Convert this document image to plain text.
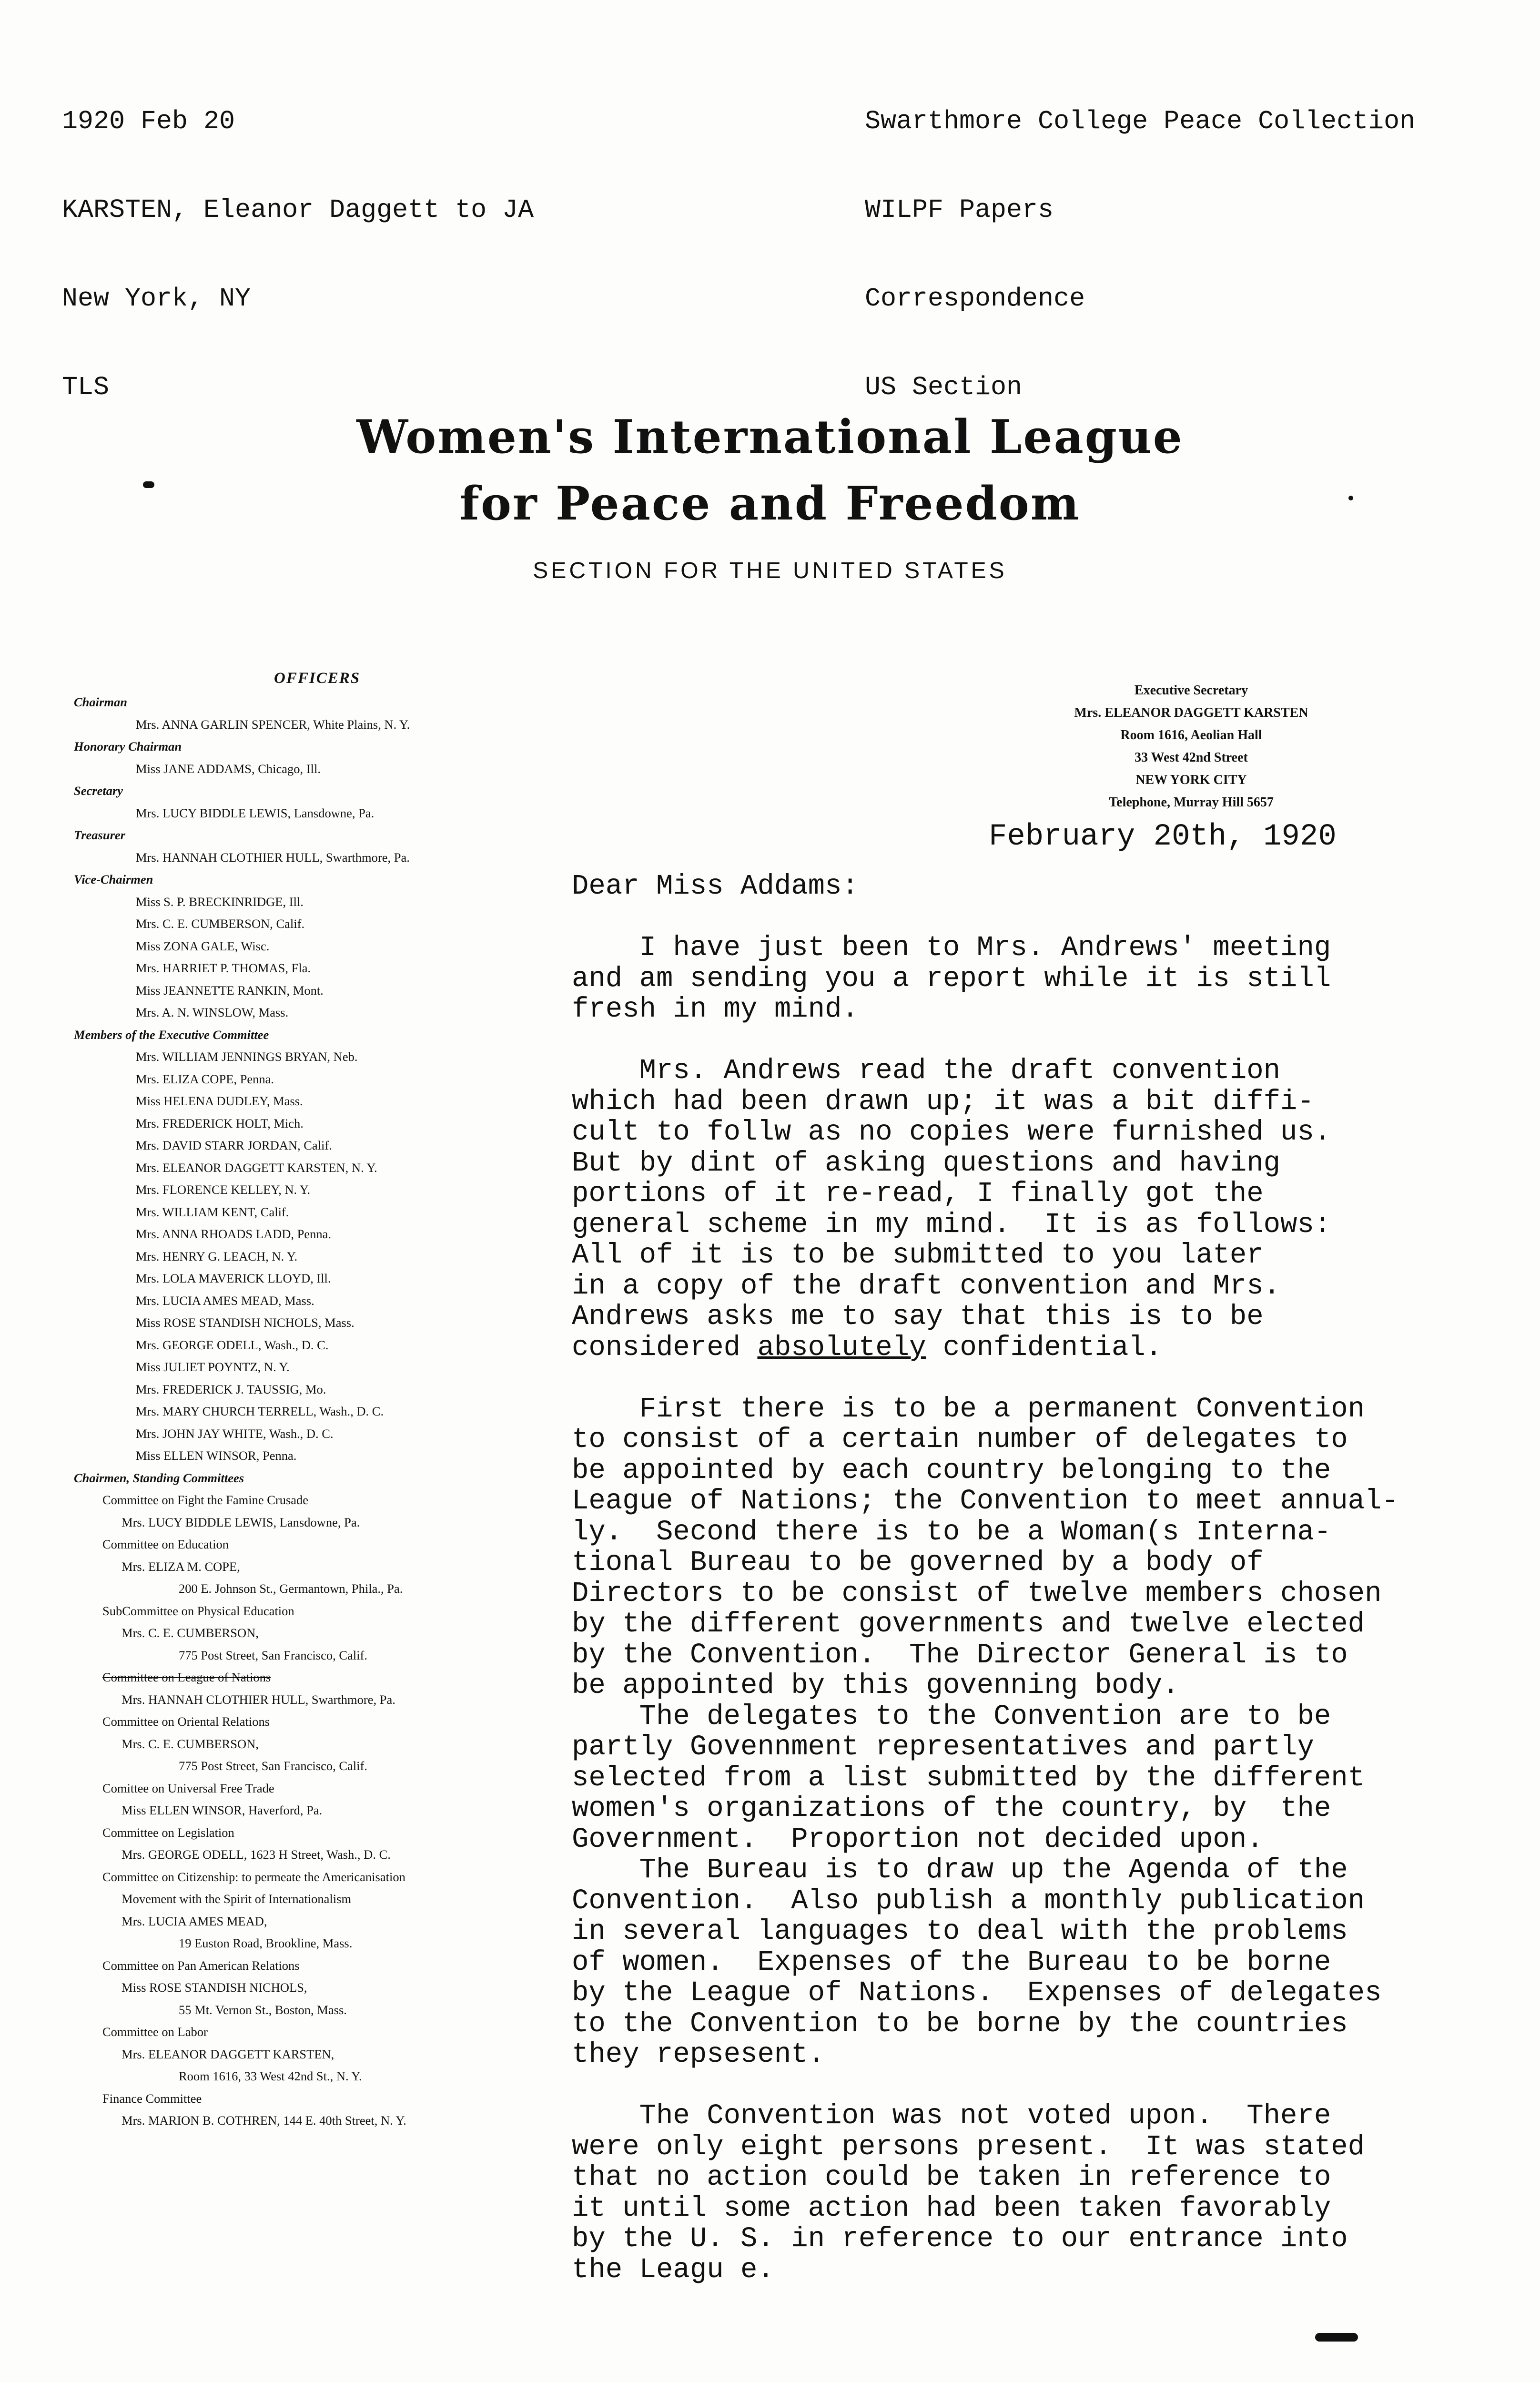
1920 Feb 20

KARSTEN, Eleanor Daggett to JA

New York, NY

TLS

Swarthmore College Peace Collection

WILPF Papers

Correspondence

US Section

Women's International League
for Peace and Freedom
SECTION FOR THE UNITED STATES
OFFICERS
Chairman
Mrs. ANNA GARLIN SPENCER, White Plains, N. Y.
Honorary Chairman
Miss JANE ADDAMS, Chicago, Ill.
Secretary
Mrs. LUCY BIDDLE LEWIS, Lansdowne, Pa.
Treasurer
Mrs. HANNAH CLOTHIER HULL, Swarthmore, Pa.
Vice-Chairmen
Miss S. P. BRECKINRIDGE, Ill.
Mrs. C. E. CUMBERSON, Calif.
Miss ZONA GALE, Wisc.
Mrs. HARRIET P. THOMAS, Fla.
Miss JEANNETTE RANKIN, Mont.
Mrs. A. N. WINSLOW, Mass.
Members of the Executive Committee
Mrs. WILLIAM JENNINGS BRYAN, Neb.
Mrs. ELIZA COPE, Penna.
Miss HELENA DUDLEY, Mass.
Mrs. FREDERICK HOLT, Mich.
Mrs. DAVID STARR JORDAN, Calif.
Mrs. ELEANOR DAGGETT KARSTEN, N. Y.
Mrs. FLORENCE KELLEY, N. Y.
Mrs. WILLIAM KENT, Calif.
Mrs. ANNA RHOADS LADD, Penna.
Mrs. HENRY G. LEACH, N. Y.
Mrs. LOLA MAVERICK LLOYD, Ill.
Mrs. LUCIA AMES MEAD, Mass.
Miss ROSE STANDISH NICHOLS, Mass.
Mrs. GEORGE ODELL, Wash., D. C.
Miss JULIET POYNTZ, N. Y.
Mrs. FREDERICK J. TAUSSIG, Mo.
Mrs. MARY CHURCH TERRELL, Wash., D. C.
Mrs. JOHN JAY WHITE, Wash., D. C.
Miss ELLEN WINSOR, Penna.
Chairmen, Standing Committees
Committee on Fight the Famine Crusade
Mrs. LUCY BIDDLE LEWIS, Lansdowne, Pa.
Committee on Education
Mrs. ELIZA M. COPE,
200 E. Johnson St., Germantown, Phila., Pa.
SubCommittee on Physical Education
Mrs. C. E. CUMBERSON,
775 Post Street, San Francisco, Calif.
Committee on League of Nations
Mrs. HANNAH CLOTHIER HULL, Swarthmore, Pa.
Committee on Oriental Relations
Mrs. C. E. CUMBERSON,
775 Post Street, San Francisco, Calif.
Comittee on Universal Free Trade
Miss ELLEN WINSOR, Haverford, Pa.
Committee on Legislation
Mrs. GEORGE ODELL, 1623 H Street, Wash., D. C.
Committee on Citizenship: to permeate the Americanisation
Movement with the Spirit of Internationalism
Mrs. LUCIA AMES MEAD,
19 Euston Road, Brookline, Mass.
Committee on Pan American Relations
Miss ROSE STANDISH NICHOLS,
55 Mt. Vernon St., Boston, Mass.
Committee on Labor
Mrs. ELEANOR DAGGETT KARSTEN,
Room 1616, 33 West 42nd St., N. Y.
Finance Committee
Mrs. MARION B. COTHREN, 144 E. 40th Street, N. Y.
Executive Secretary
Mrs. ELEANOR DAGGETT KARSTEN
Room 1616, Aeolian Hall
33 West 42nd Street
NEW YORK CITY
Telephone, Murray Hill 5657
February 20th, 1920
Dear Miss Addams:
I have just been to Mrs. Andrews' meeting
and am sending you a report while it is still
fresh in my mind.
Mrs. Andrews read the draft convention
which had been drawn up; it was a bit diffi-
cult to follw as no copies were furnished us.
But by dint of asking questions and having
portions of it re-read, I finally got the
general scheme in my mind.  It is as follows:
All of it is to be submitted to you later
in a copy of the draft convention and Mrs.
Andrews asks me to say that this is to be
considered absolutely confidential.
First there is to be a permanent Convention
to consist of a certain number of delegates to
be appointed by each country belonging to the
League of Nations; the Convention to meet annual-
ly.  Second there is to be a Woman(s Interna-
tional Bureau to be governed by a body of
Directors to be consist of twelve members chosen
by the different governments and twelve elected
by the Convention.  The Director General is to
be appointed by this govenning body.
The delegates to the Convention are to be
partly Govennment representatives and partly
selected from a list submitted by the different
women's organizations of the country, by  the
Government.  Proportion not decided upon.
The Bureau is to draw up the Agenda of the
Convention.  Also publish a monthly publication
in several languages to deal with the problems
of women.  Expenses of the Bureau to be borne
by the League of Nations.  Expenses of delegates
to the Convention to be borne by the countries
they repsesent.
The Convention was not voted upon.  There
were only eight persons present.  It was stated
that no action could be taken in reference to
it until some action had been taken favorably
by the U. S. in reference to our entrance into
the Leagu e.
